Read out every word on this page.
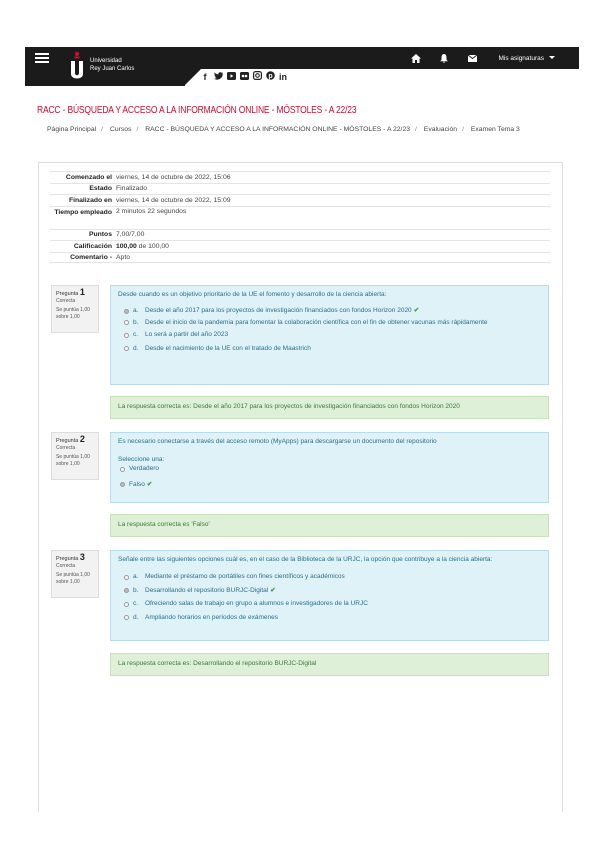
Mis asignaturas
Universidad
Rey Juan Carlos
f	p in
RACC - BÚSQUEDA Y ACCESO A LA INFORMACIÓN ONLINE - MÓSTOLES - A 22/23
Página Principal / Cursos / RACC - BÚSQUEDA Y ACCESO A LA INFORMACIÓN ONLINE - MÓSTOLES - A 22/23 / Evaluación / Examen Tema 3
Comenzado el viernes, 14 de octubre de 2022, 15:06
Estado Finalizado
Finalizado en viernes, 14 de octubre de 2022, 15:09
Tiempo empleado 2 minutos 22 segundos
Puntos 7,00/7,00
Calificación 100,00 de 100,00
Comentario - Apto
Pregunta 1
Correcta
Se puntúa 1,00 sobre 1,00
Desde cuando es un objetivo prioritario de la UE el fomento y desarrollo de la ciencia abierta:
a.	Desde el año 2017 para los proyectos de investigación financiados con fondos Horizon 2020 ✔
b.	Desde el inicio de la pandemia para fomentar la colaboración científica con el fin de obtener vacunas más rápidamente
c.	Lo será a partir del año 2023
d.	Desde el nacimiento de la UE con el tratado de Maastrich
La respuesta correcta es: Desde el año 2017 para los proyectos de investigación financiados con fondos Horizon 2020
Pregunta 2
Correcta
Se puntúa 1,00 sobre 1,00
Es necesario conectarse a través del acceso remoto (MyApps) para descargarse un documento del repositorio
Seleccione una:
Verdadero
Falso ✔
La respuesta correcta es 'Falso'
Pregunta 3
Correcta
Se puntúa 1,00 sobre 1,00
Señale entre las siguientes opciones cuál es, en el caso de la Biblioteca de la URJC, la opción que contribuye a la ciencia abierta:
a.	Mediante el préstamo de portátiles con fines científicos y académicos
b.	Desarrollando el repositorio BURJC-Digital ✔
c.	Ofreciendo salas de trabajo en grupo a alumnos e investigadores de la URJC
d.	Ampliando horarios en períodos de exámenes
La respuesta correcta es: Desarrollando el repositorio BURJC-Digital
